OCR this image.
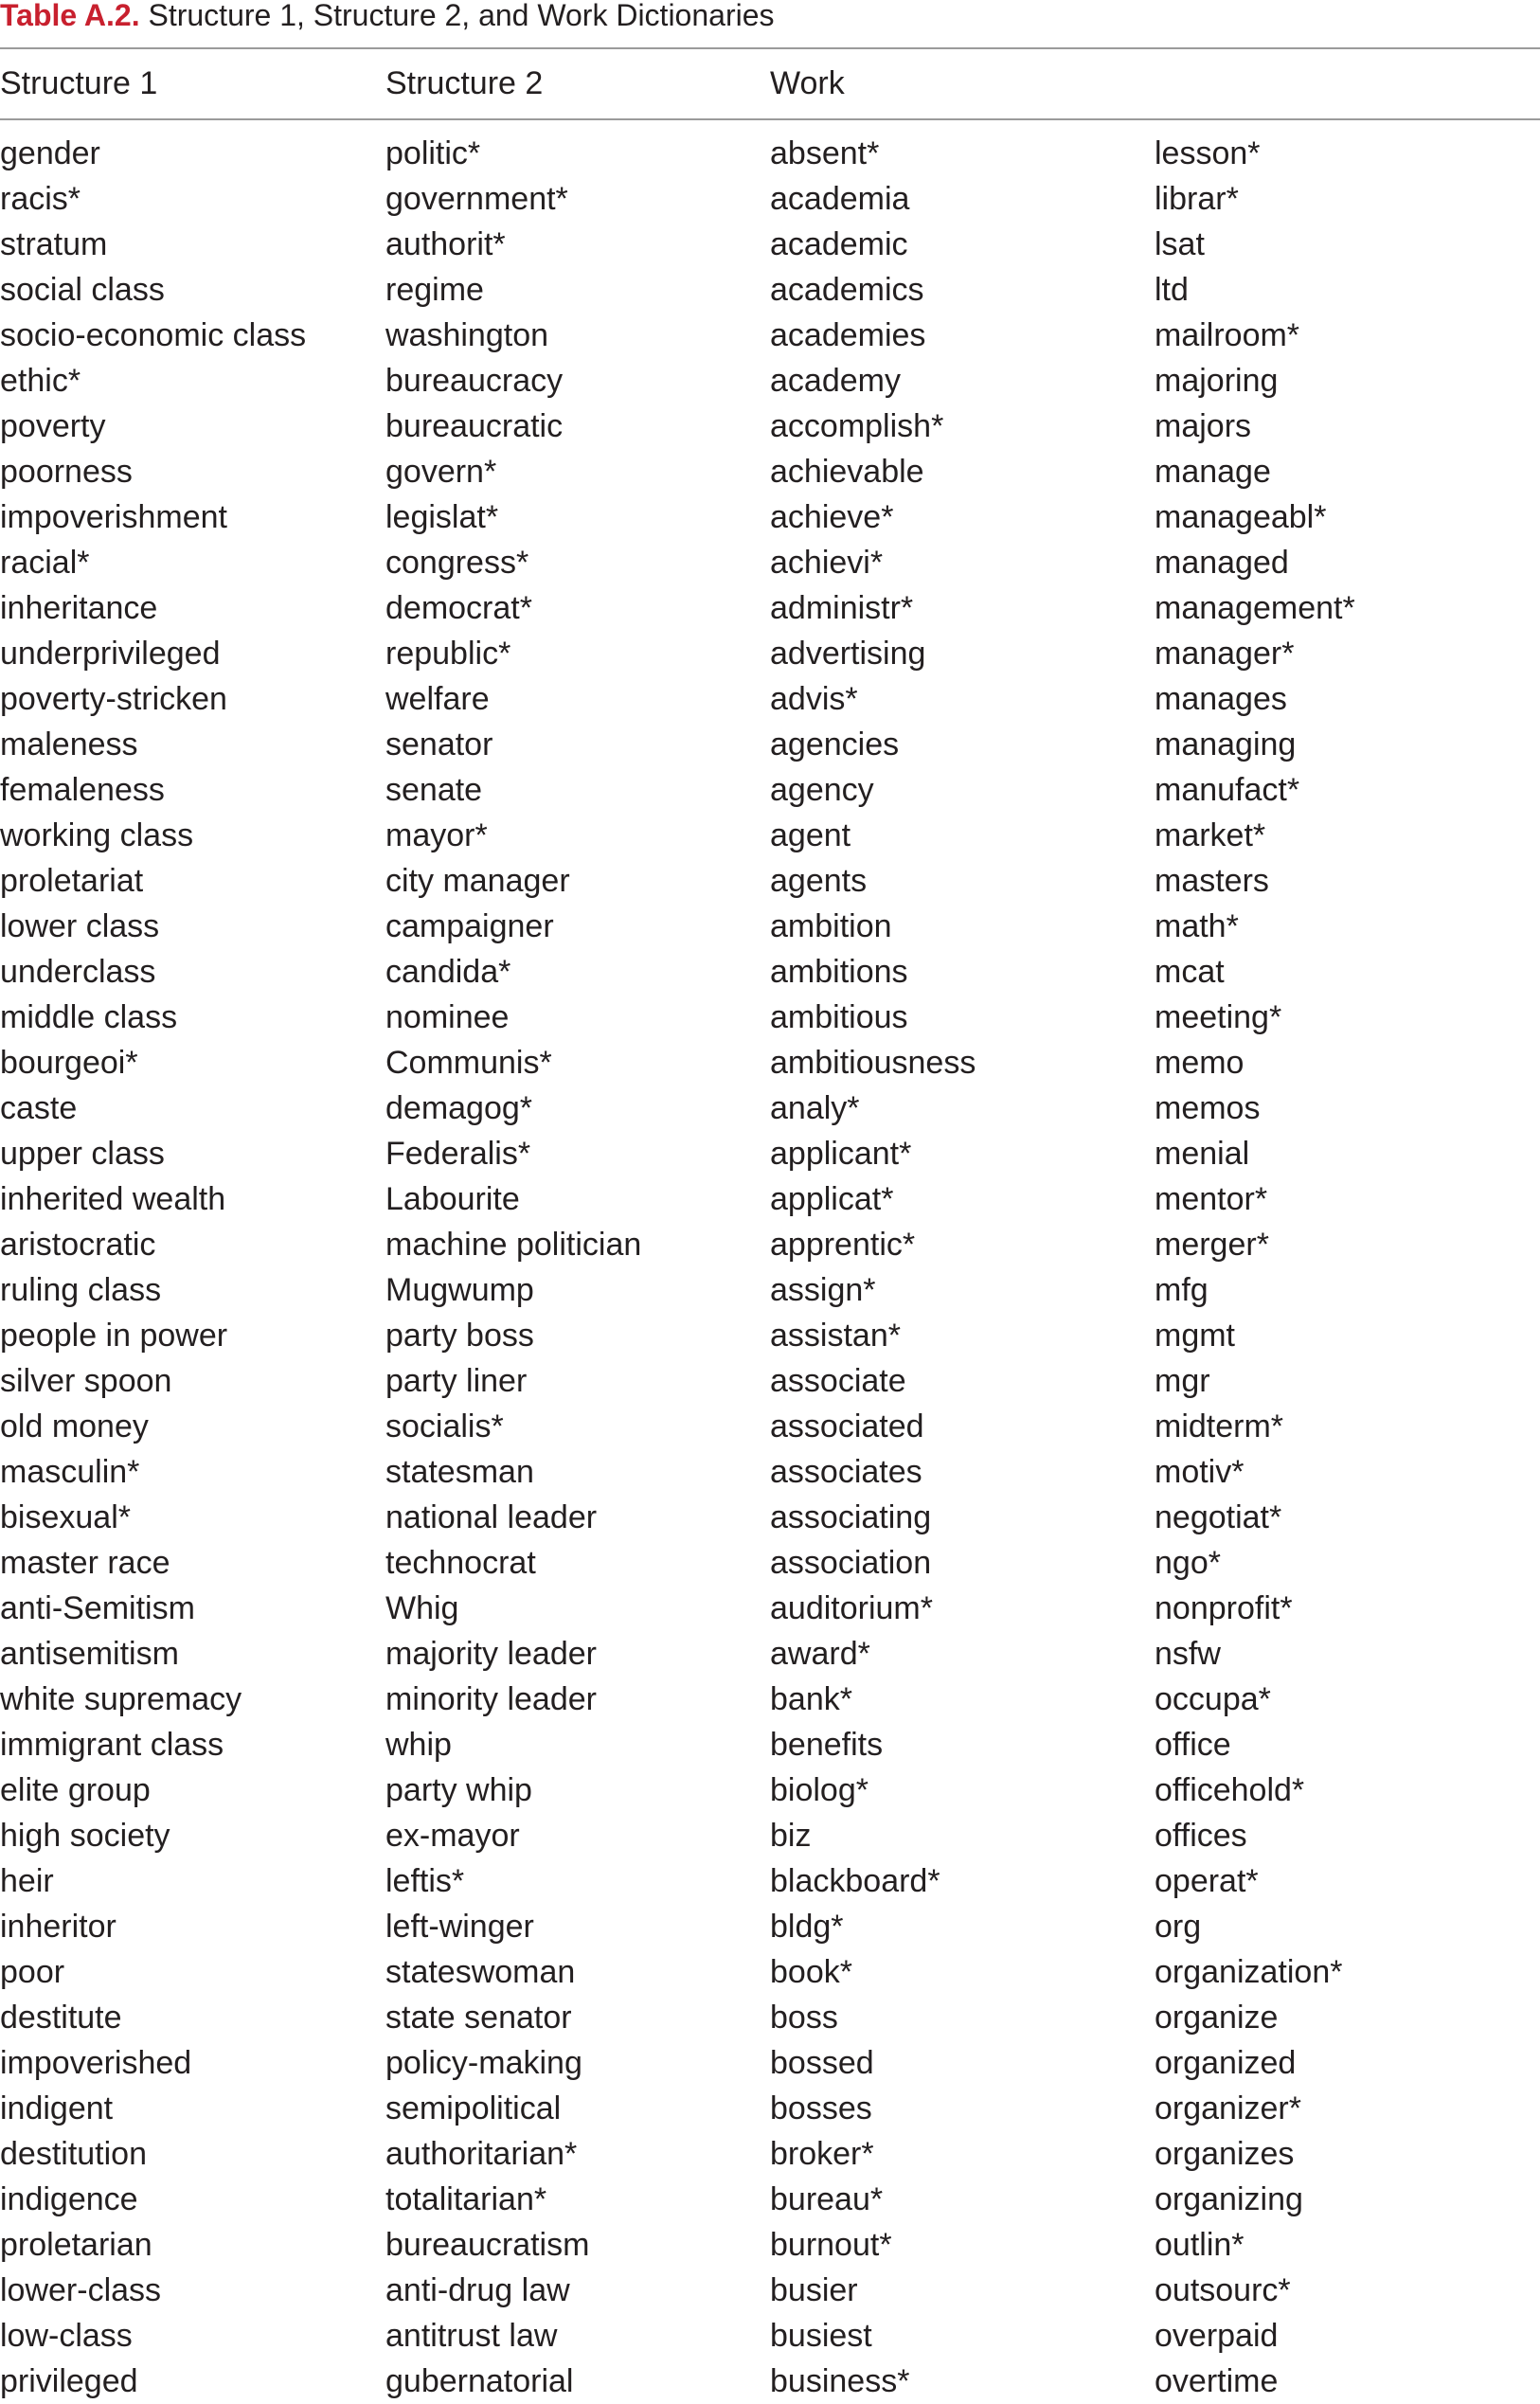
Table A.2. Structure 1, Structure 2, and Work Dictionaries
Structure 1	Structure 2	Work
gender
racis*
stratum
social class
socio-economic class
ethic*
poverty
poorness
impoverishment
racial*
inheritance
underprivileged
poverty-stricken
maleness
femaleness
working class
proletariat
lower class
underclass
middle class
bourgeoi*
caste
upper class
inherited wealth
aristocratic
ruling class
people in power
silver spoon
old money
masculin*
bisexual*
master race
anti-Semitism
antisemitism
white supremacy
immigrant class
elite group
high society
heir
inheritor
poor
destitute
impoverished
indigent
destitution
indigence
proletarian
lower-class
low-class
privileged
politic*
government*
authorit*
regime
washington
bureaucracy
bureaucratic
govern*
legislat*
congress*
democrat*
republic*
welfare
senator
senate
mayor*
city manager
campaigner
candida*
nominee
Communis*
demagog*
Federalis*
Labourite
machine politician
Mugwump
party boss
party liner
socialis*
statesman
national leader
technocrat
Whig
majority leader
minority leader
whip
party whip
ex-mayor
leftis*
left-winger
stateswoman
state senator
policy-making
semipolitical
authoritarian*
totalitarian*
bureaucratism
anti-drug law
antitrust law
gubernatorial
absent*
academia
academic
academics
academies
academy
accomplish*
achievable
achieve*
achievi*
administr*
advertising
advis*
agencies
agency
agent
agents
ambition
ambitions
ambitious
ambitiousness
analy*
applicant*
applicat*
apprentic*
assign*
assistan*
associate
associated
associates
associating
association
auditorium*
award*
bank*
benefits
biolog*
biz
blackboard*
bldg*
book*
boss
bossed
bosses
broker*
bureau*
burnout*
busier
busiest
business*
lesson*
librar*
lsat
ltd
mailroom*
majoring
majors
manage
manageabl*
managed
management*
manager*
manages
managing
manufact*
market*
masters
math*
mcat
meeting*
memo
memos
menial
mentor*
merger*
mfg
mgmt
mgr
midterm*
motiv*
negotiat*
ngo*
nonprofit*
nsfw
occupa*
office
officehold*
offices
operat*
org
organization*
organize
organized
organizer*
organizes
organizing
outlin*
outsourc*
overpaid
overtime
